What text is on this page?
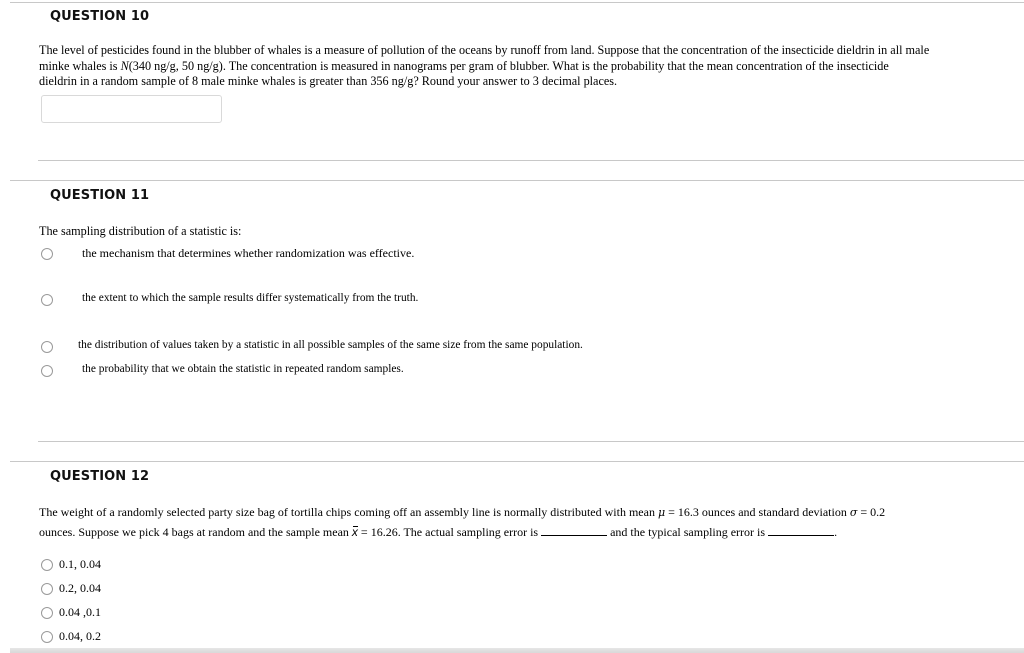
QUESTION 10
The level of pesticides found in the blubber of whales is a measure of pollution of the oceans by runoff from land. Suppose that the concentration of the insecticide dieldrin in all male
minke whales is N(340 ng/g, 50 ng/g). The concentration is measured in nanograms per gram of blubber. What is the probability that the mean concentration of the insecticide
dieldrin in a random sample of 8 male minke whales is greater than 356 ng/g? Round your answer to 3 decimal places.
QUESTION 11
The sampling distribution of a statistic is:
the mechanism that determines whether randomization was effective.
the extent to which the sample results differ systematically from the truth.
the distribution of values taken by a statistic in all possible samples of the same size from the same population.
the probability that we obtain the statistic in repeated random samples.
QUESTION 12
The weight of a randomly selected party size bag of tortilla chips coming off an assembly line is normally distributed with mean μ = 16.3 ounces and standard deviation σ = 0.2
ounces. Suppose we pick 4 bags at random and the sample mean x = 16.26. The actual sampling error is	and the typical sampling error is	.
0.1, 0.04
0.2, 0.04
0.04 ,0.1
0.04, 0.2
